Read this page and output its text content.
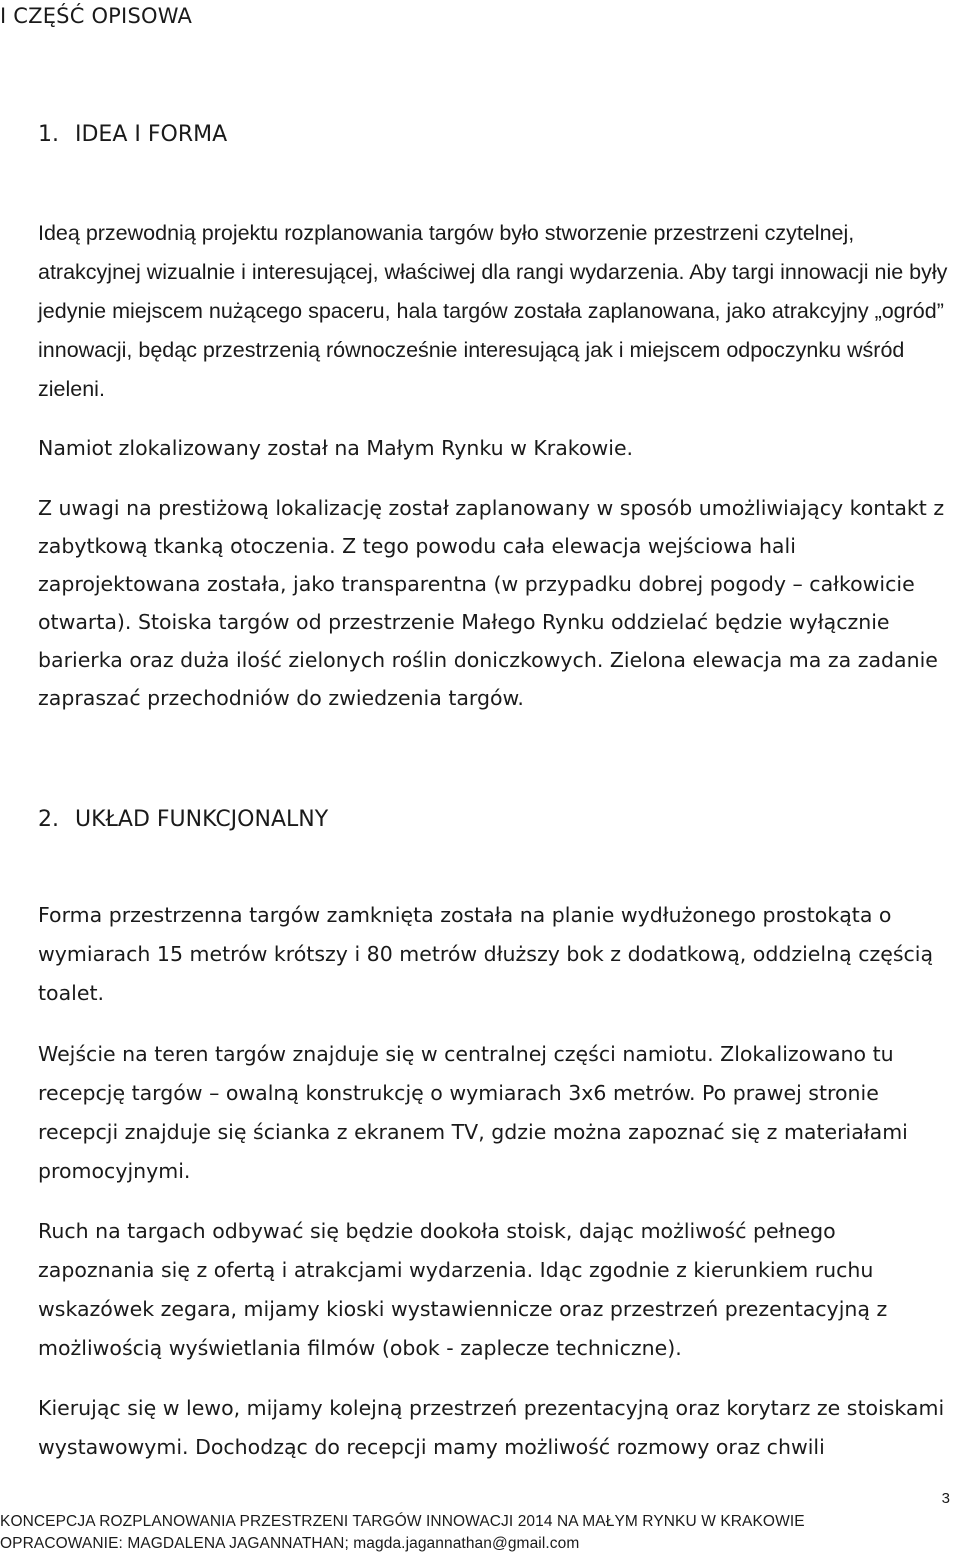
I CZĘŚĆ OPISOWA
1. IDEA I FORMA

Ideą przewodnią projektu rozplanowania targów było stworzenie przestrzeni czytelnej, atrakcyjnej wizualnie i interesującej, właściwej dla rangi wydarzenia. Aby targi innowacji nie były jedynie miejscem nużącego spaceru, hala targów została zaplanowana, jako atrakcyjny „ogród” innowacji, będąc przestrzenią równocześnie interesującą jak i miejscem odpoczynku wśród zieleni.

Namiot zlokalizowany został na Małym Rynku w Krakowie.

Z uwagi na prestiżową lokalizację został zaplanowany w sposób umożliwiający kontakt z zabytkową tkanką otoczenia. Z tego powodu cała elewacja wejściowa hali zaprojektowana została, jako transparentna (w przypadku dobrej pogody – całkowicie otwarta). Stoiska targów od przestrzenie Małego Rynku oddzielać będzie wyłącznie barierka oraz duża ilość zielonych roślin doniczkowych. Zielona elewacja ma za zadanie zapraszać przechodniów do zwiedzenia targów.

2. UKŁAD FUNKCJONALNY

Forma przestrzenna targów zamknięta została na planie wydłużonego prostokąta o wymiarach 15 metrów krótszy i 80 metrów dłuższy bok z dodatkową, oddzielną częścią toalet.

Wejście na teren targów znajduje się w centralnej części namiotu. Zlokalizowano tu recepcję targów – owalną konstrukcję o wymiarach 3x6 metrów. Po prawej stronie recepcji znajduje się ścianka z ekranem TV, gdzie można zapoznać się z materiałami promocyjnymi.

Ruch na targach odbywać się będzie dookoła stoisk, dając możliwość pełnego zapoznania się z ofertą i atrakcjami wydarzenia. Idąc zgodnie z kierunkiem ruchu wskazówek zegara, mijamy kioski wystawiennicze oraz przestrzeń prezentacyjną z możliwością wyświetlania filmów (obok - zaplecze techniczne).

Kierując się w lewo, mijamy kolejną przestrzeń prezentacyjną oraz korytarz ze stoiskami wystawowymi. Dochodząc do recepcji mamy możliwość rozmowy oraz chwili

3
KONCEPCJA ROZPLANOWANIA PRZESTRZENI TARGÓW INNOWACJI 2014 NA MAŁYM RYNKU W KRAKOWIE
OPRACOWANIE: MAGDALENA JAGANNATHAN; magda.jagannathan@gmail.com
